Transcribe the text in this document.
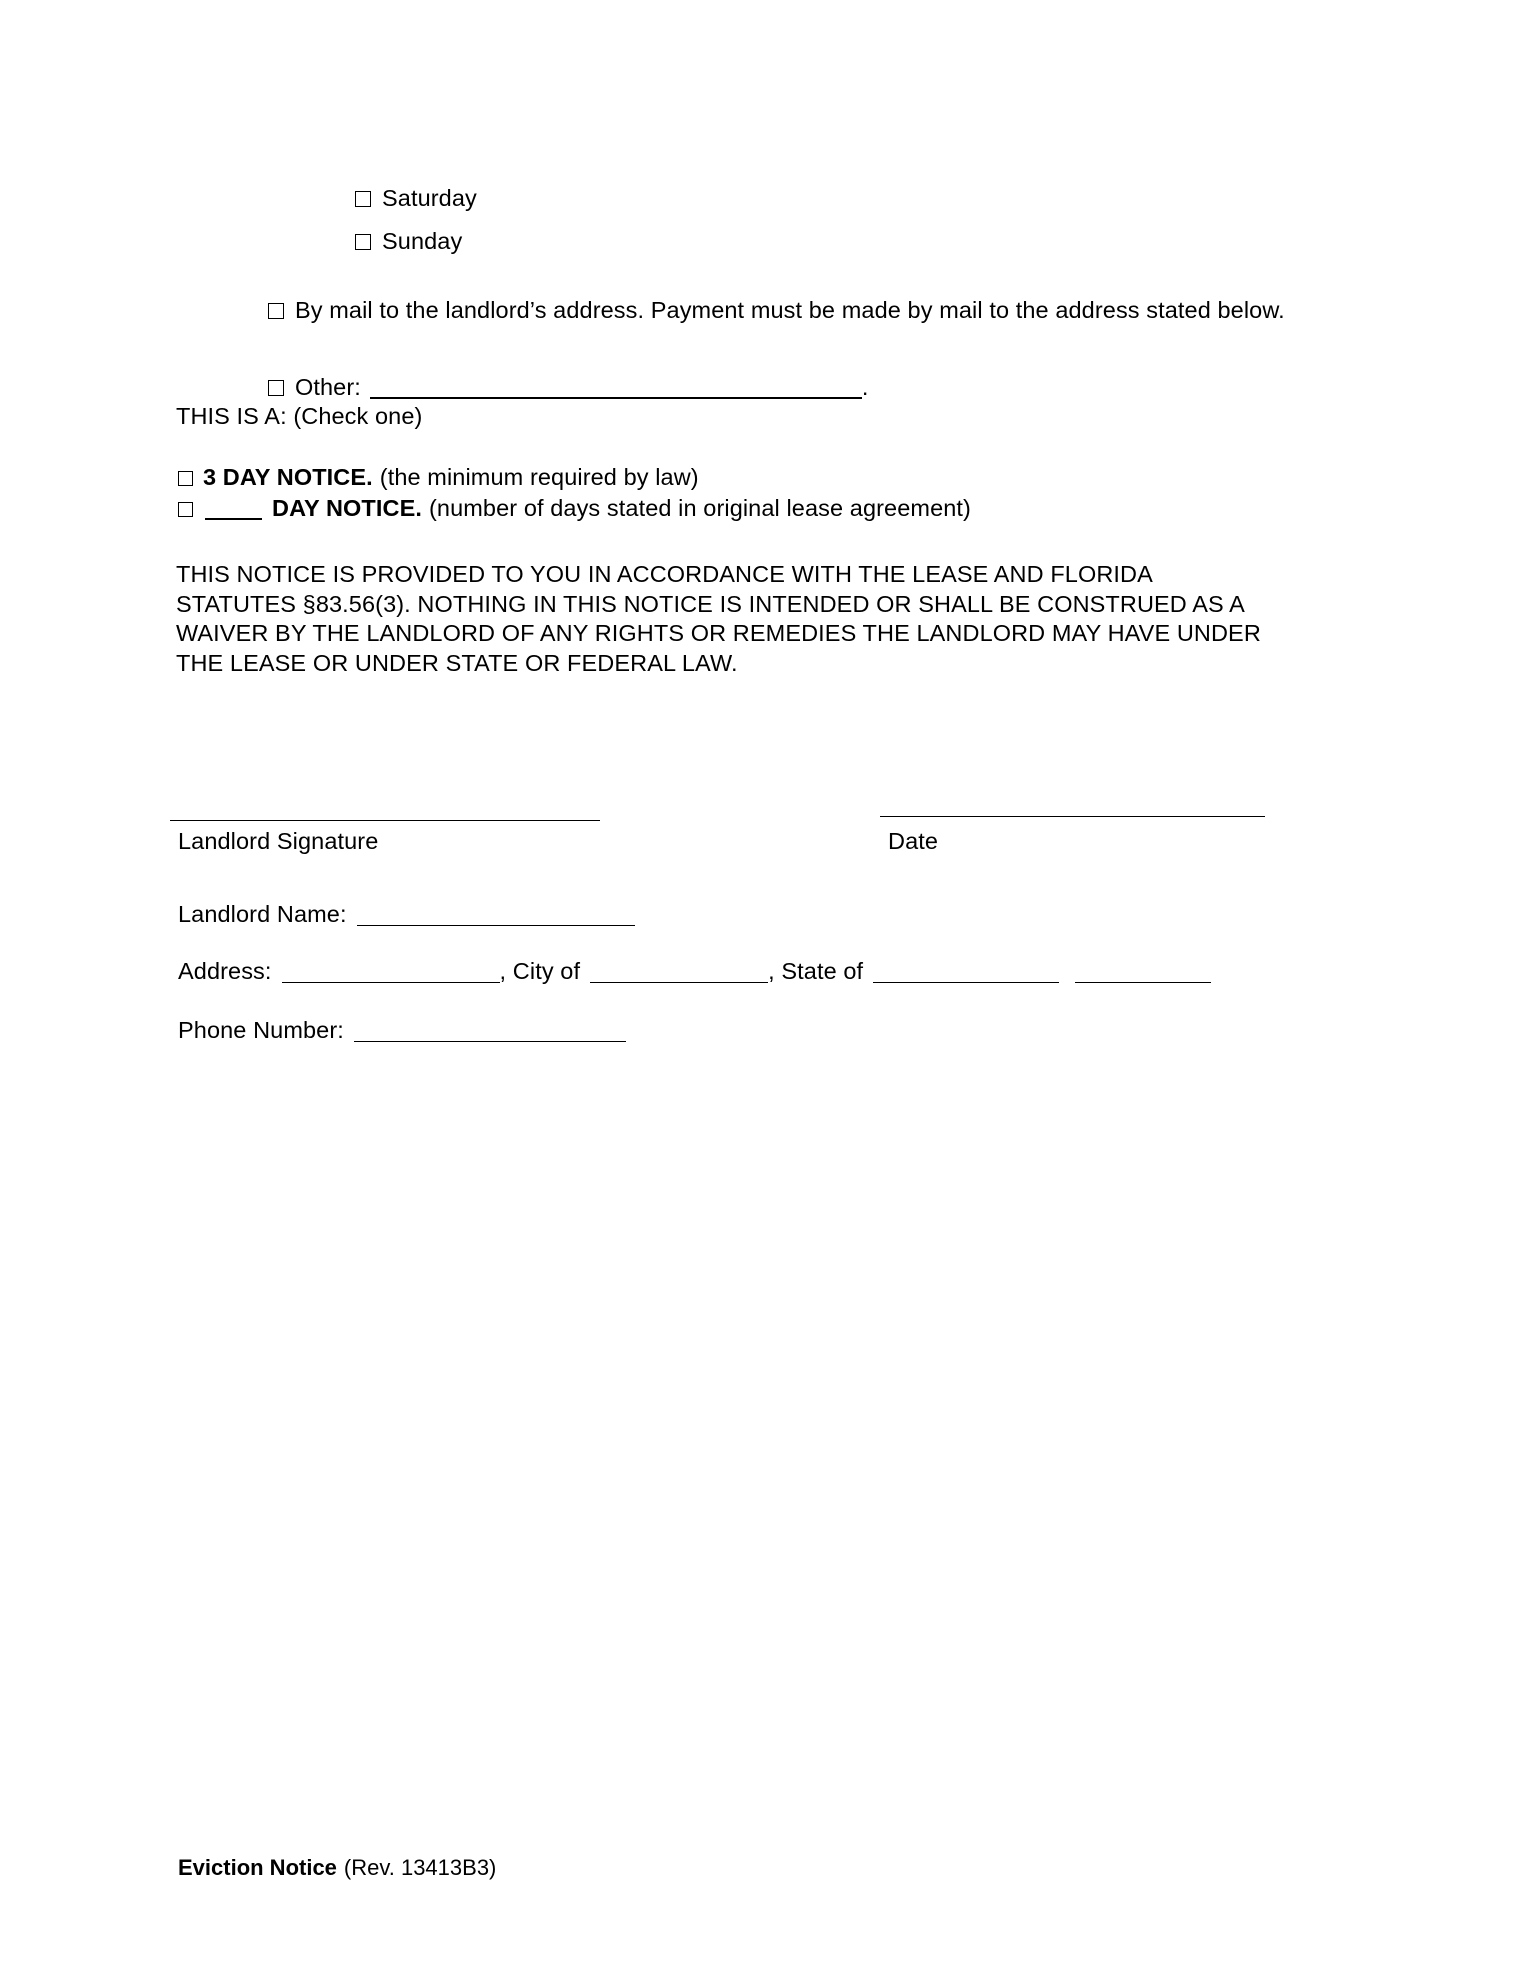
Saturday
Sunday
By mail to the landlord’s address. Payment must be made by mail to the address stated below.
Other:	.
THIS IS A: (Check one)
3 DAY NOTICE. (the minimum required by law)
DAY NOTICE. (number of days stated in original lease agreement)
THIS NOTICE IS PROVIDED TO YOU IN ACCORDANCE WITH THE LEASE AND FLORIDA
STATUTES §83.56(3). NOTHING IN THIS NOTICE IS INTENDED OR SHALL BE CONSTRUED AS A
WAIVER BY THE LANDLORD OF ANY RIGHTS OR REMEDIES THE LANDLORD MAY HAVE UNDER
THE LEASE OR UNDER STATE OR FEDERAL LAW.
Landlord Signature	Date
Landlord Name:
Address:	, City of	, State of
Phone Number:
Eviction Notice (Rev. 13413B3)
